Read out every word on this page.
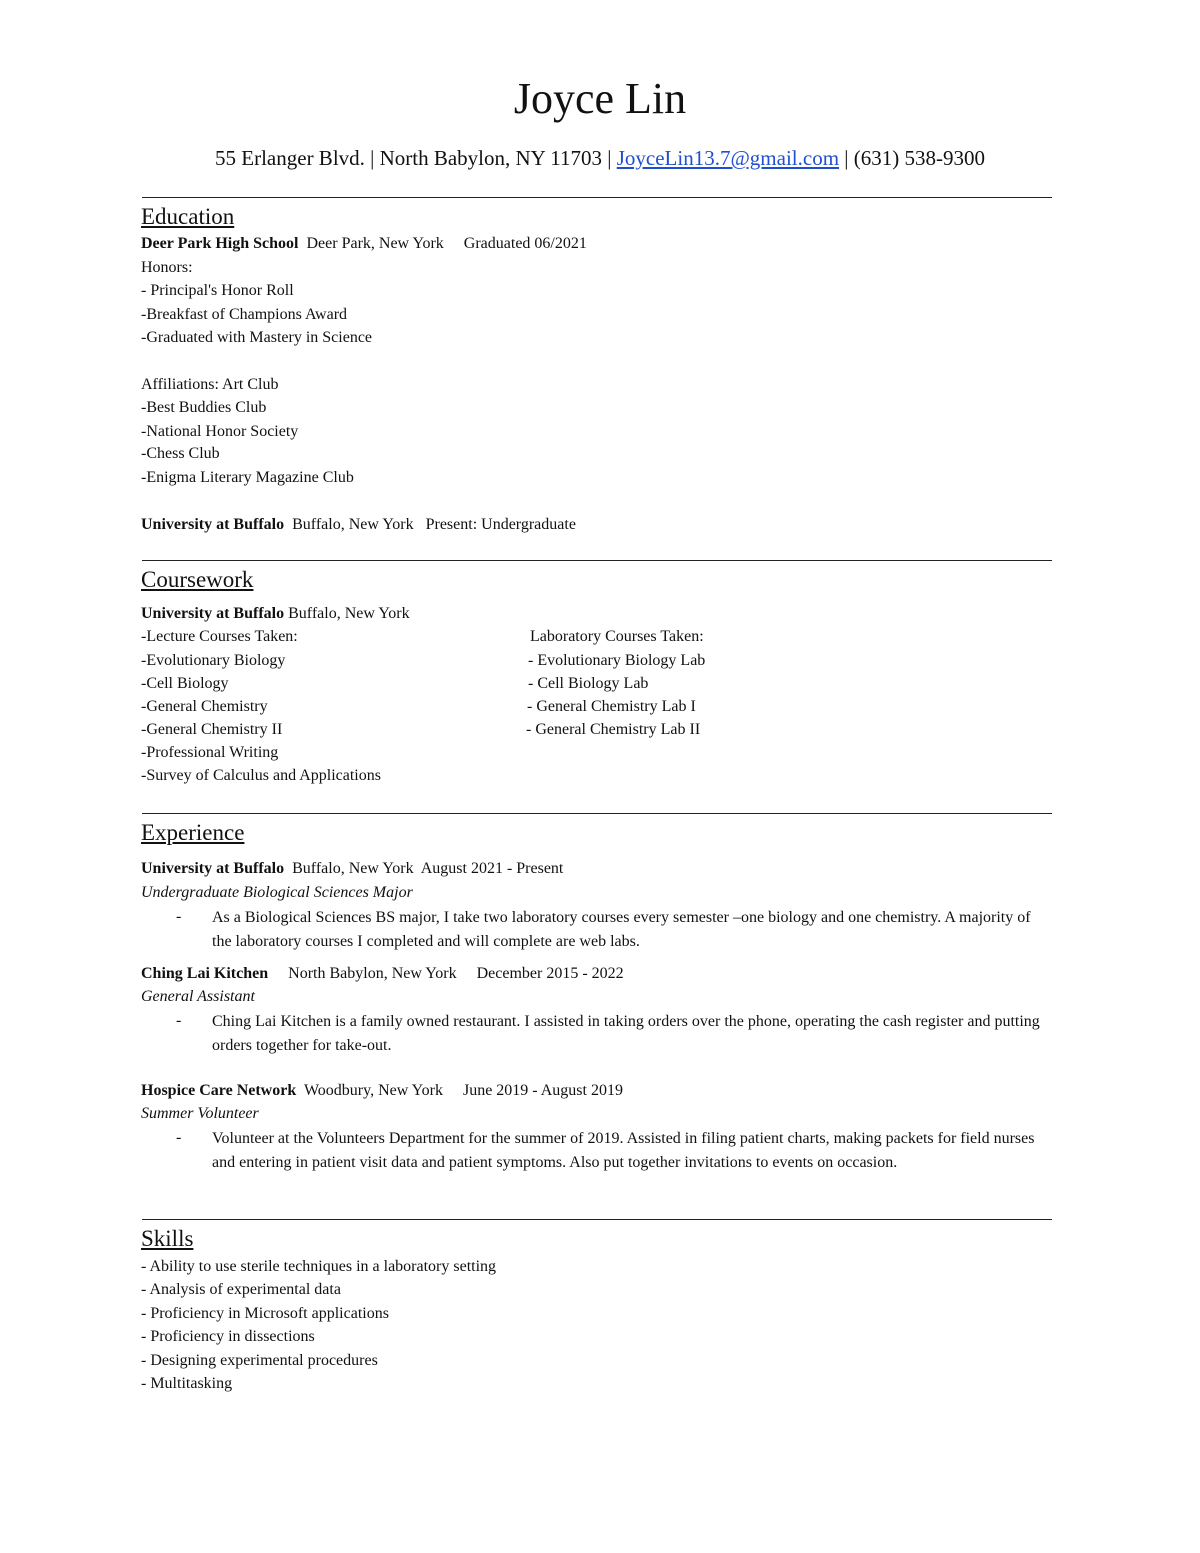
Joyce Lin
55 Erlanger Blvd. | North Babylon, NY 11703 | JoyceLin13.7@gmail.com | (631) 538-9300
Education
Deer Park High School Deer Park, New York Graduated 06/2021
Honors:
- Principal's Honor Roll
-Breakfast of Champions Award
-Graduated with Mastery in Science
Affiliations: Art Club
-Best Buddies Club
-National Honor Society
-Chess Club
-Enigma Literary Magazine Club
University at Buffalo Buffalo, New York Present: Undergraduate
Coursework
University at Buffalo Buffalo, New York
-Lecture Courses Taken:
-Evolutionary Biology
-Cell Biology
-General Chemistry
-General Chemistry II
-Professional Writing
-Survey of Calculus and Applications
Laboratory Courses Taken:
- Evolutionary Biology Lab
- Cell Biology Lab
- General Chemistry Lab I
- General Chemistry Lab II
Experience
University at Buffalo Buffalo, New York August 2021 - Present
Undergraduate Biological Sciences Major
- As a Biological Sciences BS major, I take two laboratory courses every semester –one biology and one chemistry. A majority of the laboratory courses I completed and will complete are web labs.
Ching Lai Kitchen North Babylon, New York December 2015 - 2022
General Assistant
- Ching Lai Kitchen is a family owned restaurant. I assisted in taking orders over the phone, operating the cash register and putting orders together for take-out.
Hospice Care Network Woodbury, New York June 2019 - August 2019
Summer Volunteer
- Volunteer at the Volunteers Department for the summer of 2019. Assisted in filing patient charts, making packets for field nurses and entering in patient visit data and patient symptoms. Also put together invitations to events on occasion.
Skills
- Ability to use sterile techniques in a laboratory setting
- Analysis of experimental data
- Proficiency in Microsoft applications
- Proficiency in dissections
- Designing experimental procedures
- Multitasking
